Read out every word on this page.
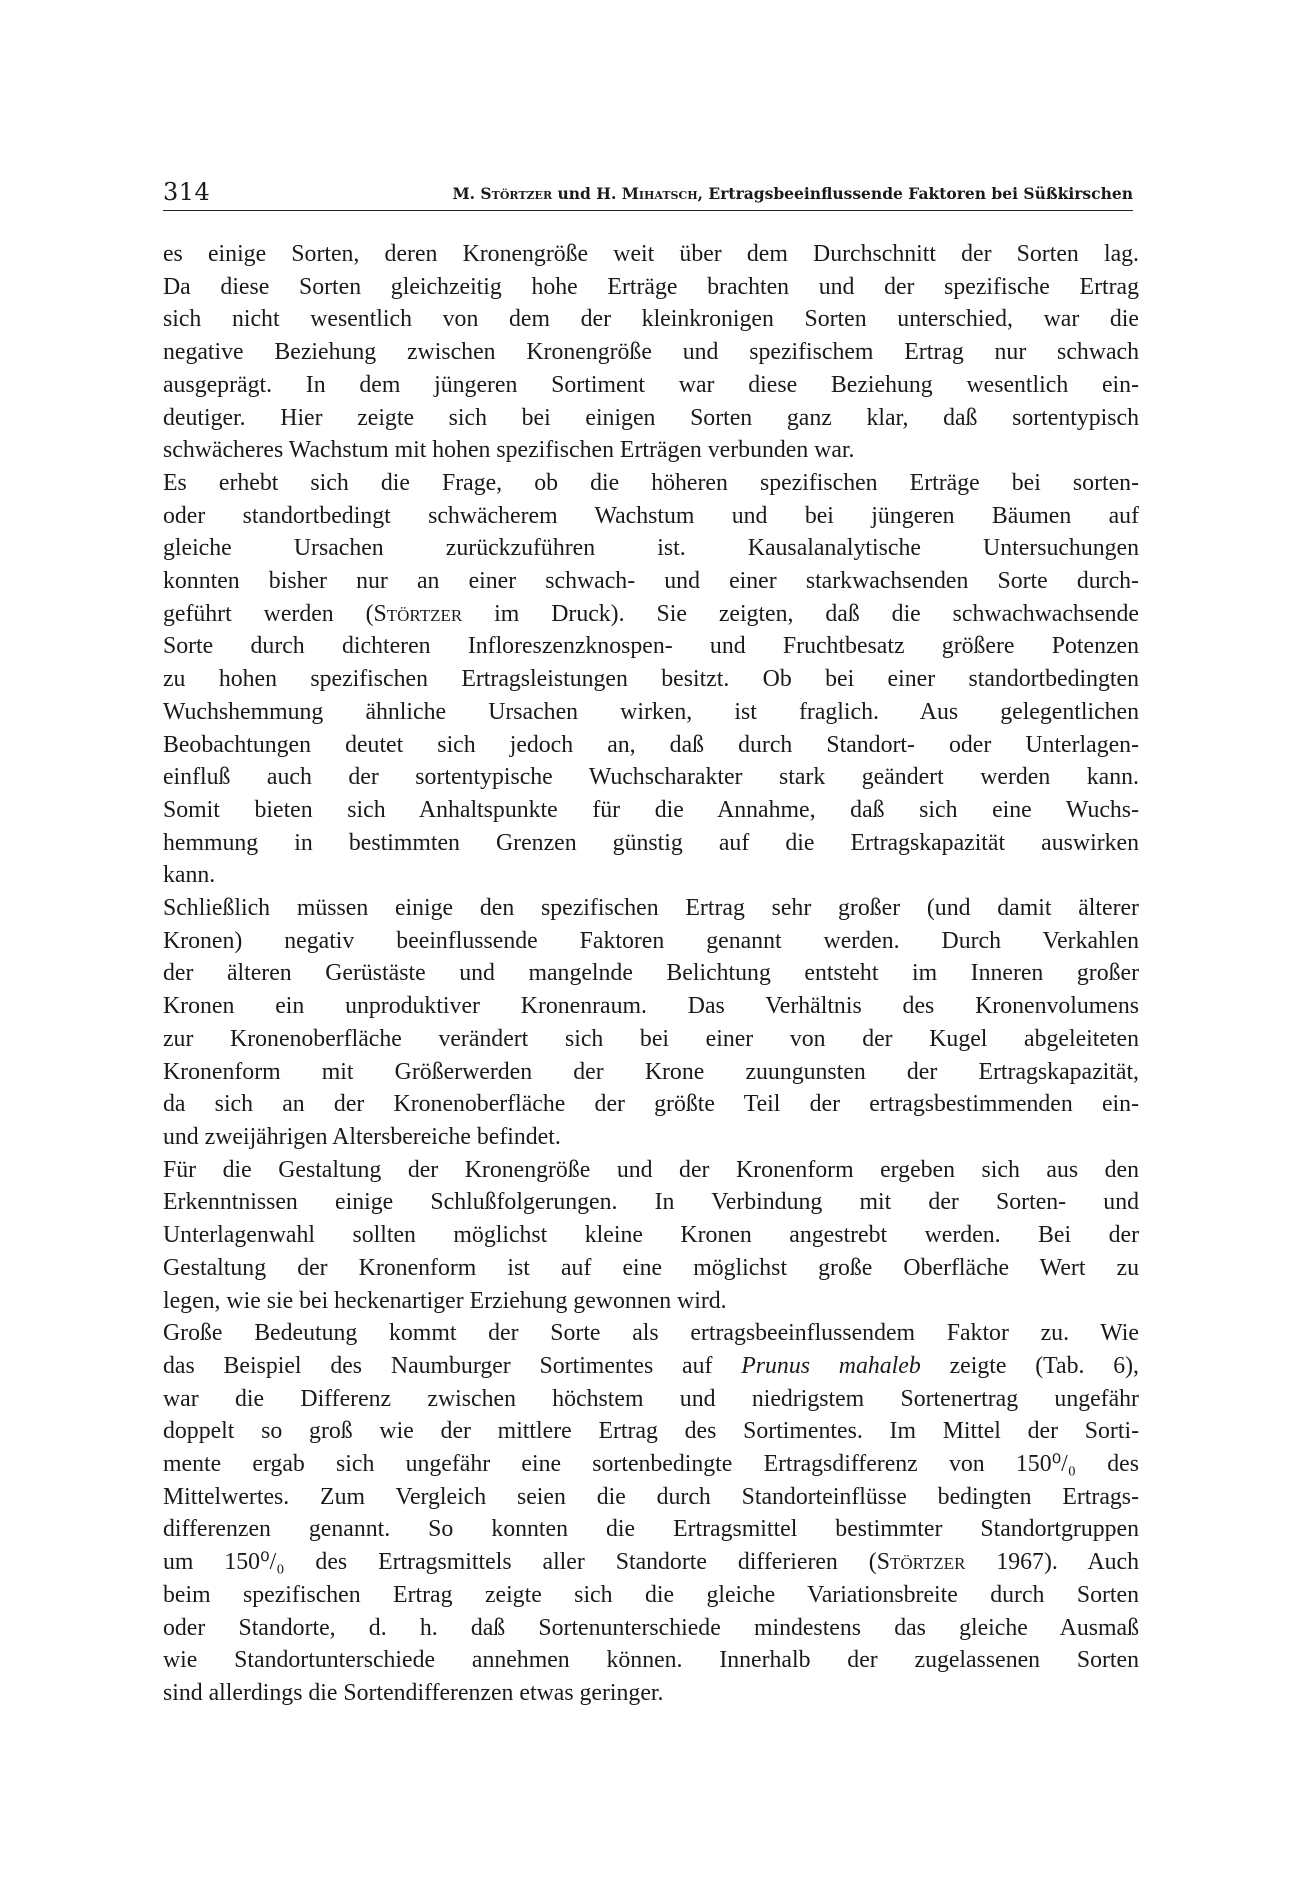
314	M. Störtzer und H. Mihatsch, Ertragsbeeinflussende Faktoren bei Süßkirschen
es einige Sorten, deren Kronengröße weit über dem Durchschnitt der Sorten lag.
Da diese Sorten gleichzeitig hohe Erträge brachten und der spezifische Ertrag
sich nicht wesentlich von dem der kleinkronigen Sorten unterschied, war die
negative Beziehung zwischen Kronengröße und spezifischem Ertrag nur schwach
ausgeprägt. In dem jüngeren Sortiment war diese Beziehung wesentlich ein-
deutiger. Hier zeigte sich bei einigen Sorten ganz klar, daß sortentypisch
schwächeres Wachstum mit hohen spezifischen Erträgen verbunden war.
Es erhebt sich die Frage, ob die höheren spezifischen Erträge bei sorten-
oder standortbedingt schwächerem Wachstum und bei jüngeren Bäumen auf
gleiche Ursachen zurückzuführen ist. Kausalanalytische Untersuchungen
konnten bisher nur an einer schwach- und einer starkwachsenden Sorte durch-
geführt werden (Störtzer im Druck). Sie zeigten, daß die schwachwachsende
Sorte durch dichteren Infloreszenzknospen- und Fruchtbesatz größere Potenzen
zu hohen spezifischen Ertragsleistungen besitzt. Ob bei einer standortbedingten
Wuchshemmung ähnliche Ursachen wirken, ist fraglich. Aus gelegentlichen
Beobachtungen deutet sich jedoch an, daß durch Standort- oder Unterlagen-
einfluß auch der sortentypische Wuchscharakter stark geändert werden kann.
Somit bieten sich Anhaltspunkte für die Annahme, daß sich eine Wuchs-
hemmung in bestimmten Grenzen günstig auf die Ertragskapazität auswirken
kann.
Schließlich müssen einige den spezifischen Ertrag sehr großer (und damit älterer
Kronen) negativ beeinflussende Faktoren genannt werden. Durch Verkahlen
der älteren Gerüstäste und mangelnde Belichtung entsteht im Inneren großer
Kronen ein unproduktiver Kronenraum. Das Verhältnis des Kronenvolumens
zur Kronenoberfläche verändert sich bei einer von der Kugel abgeleiteten
Kronenform mit Größerwerden der Krone zuungunsten der Ertragskapazität,
da sich an der Kronenoberfläche der größte Teil der ertragsbestimmenden ein-
und zweijährigen Altersbereiche befindet.
Für die Gestaltung der Kronengröße und der Kronenform ergeben sich aus den
Erkenntnissen einige Schlußfolgerungen. In Verbindung mit der Sorten- und
Unterlagenwahl sollten möglichst kleine Kronen angestrebt werden. Bei der
Gestaltung der Kronenform ist auf eine möglichst große Oberfläche Wert zu
legen, wie sie bei heckenartiger Erziehung gewonnen wird.
Große Bedeutung kommt der Sorte als ertragsbeeinflussendem Faktor zu. Wie
das Beispiel des Naumburger Sortimentes auf Prunus mahaleb zeigte (Tab. 6),
war die Differenz zwischen höchstem und niedrigstem Sortenertrag ungefähr
doppelt so groß wie der mittlere Ertrag des Sortimentes. Im Mittel der Sorti-
mente ergab sich ungefähr eine sortenbedingte Ertragsdifferenz von 150⁰/₀ des
Mittelwertes. Zum Vergleich seien die durch Standorteinflüsse bedingten Ertrags-
differenzen genannt. So konnten die Ertragsmittel bestimmter Standortgruppen
um 150⁰/₀ des Ertragsmittels aller Standorte differieren (Störtzer 1967). Auch
beim spezifischen Ertrag zeigte sich die gleiche Variationsbreite durch Sorten
oder Standorte, d. h. daß Sortenunterschiede mindestens das gleiche Ausmaß
wie Standortunterschiede annehmen können. Innerhalb der zugelassenen Sorten
sind allerdings die Sortendifferenzen etwas geringer.
